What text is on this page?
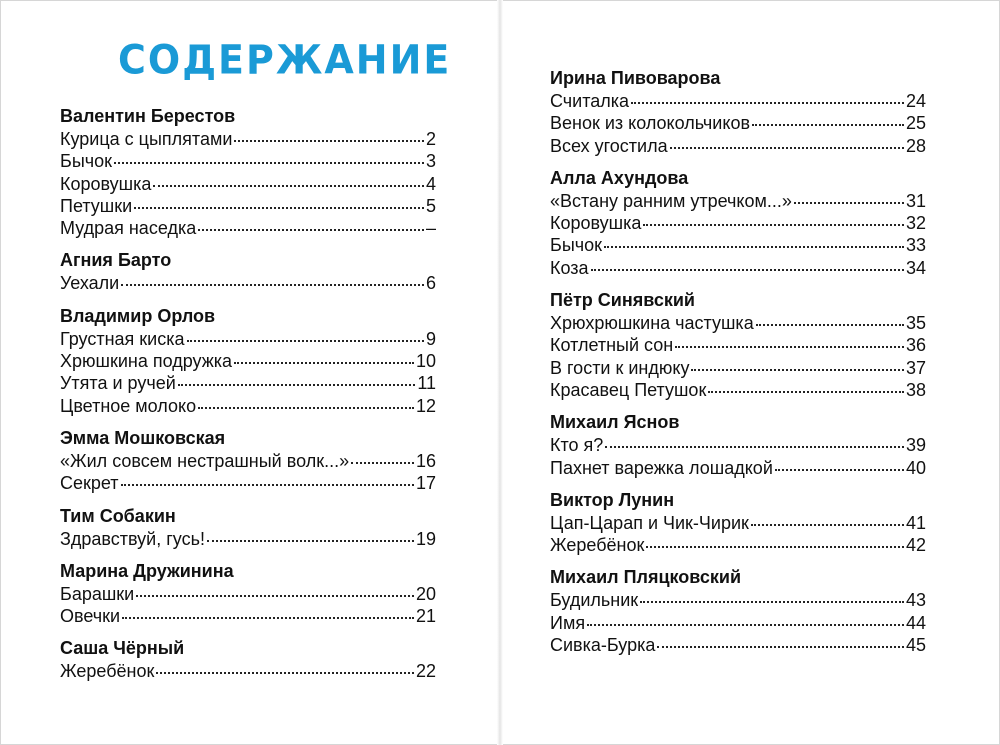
СОДЕРЖАНИЕ
Валентин Берестов
Курица с цыплятами	2
Бычок	3
Коровушка	4
Петушки	5
Мудрая наседка	–
Агния Барто
Уехали	6
Владимир Орлов
Грустная киска	9
Хрюшкина подружка	10
Утята и ручей	11
Цветное молоко	12
Эмма Мошковская
«Жил совсем нестрашный волк...»	16
Секрет	17
Тим Собакин
Здравствуй, гусь!	19
Марина Дружинина
Барашки	20
Овечки	21
Саша Чёрный
Жеребёнок	22
Ирина Пивоварова
Считалка	24
Венок из колокольчиков	25
Всех угостила	28
Алла Ахундова
«Встану ранним утречком...»	31
Коровушка	32
Бычок	33
Коза	34
Пётр Синявский
Хрюхрюшкина частушка	35
Котлетный сон	36
В гости к индюку	37
Красавец Петушок	38
Михаил Яснов
Кто я?	39
Пахнет варежка лошадкой	40
Виктор Лунин
Цап-Царап и Чик-Чирик	41
Жеребёнок	42
Михаил Пляцковский
Будильник	43
Имя	44
Сивка-Бурка	45
